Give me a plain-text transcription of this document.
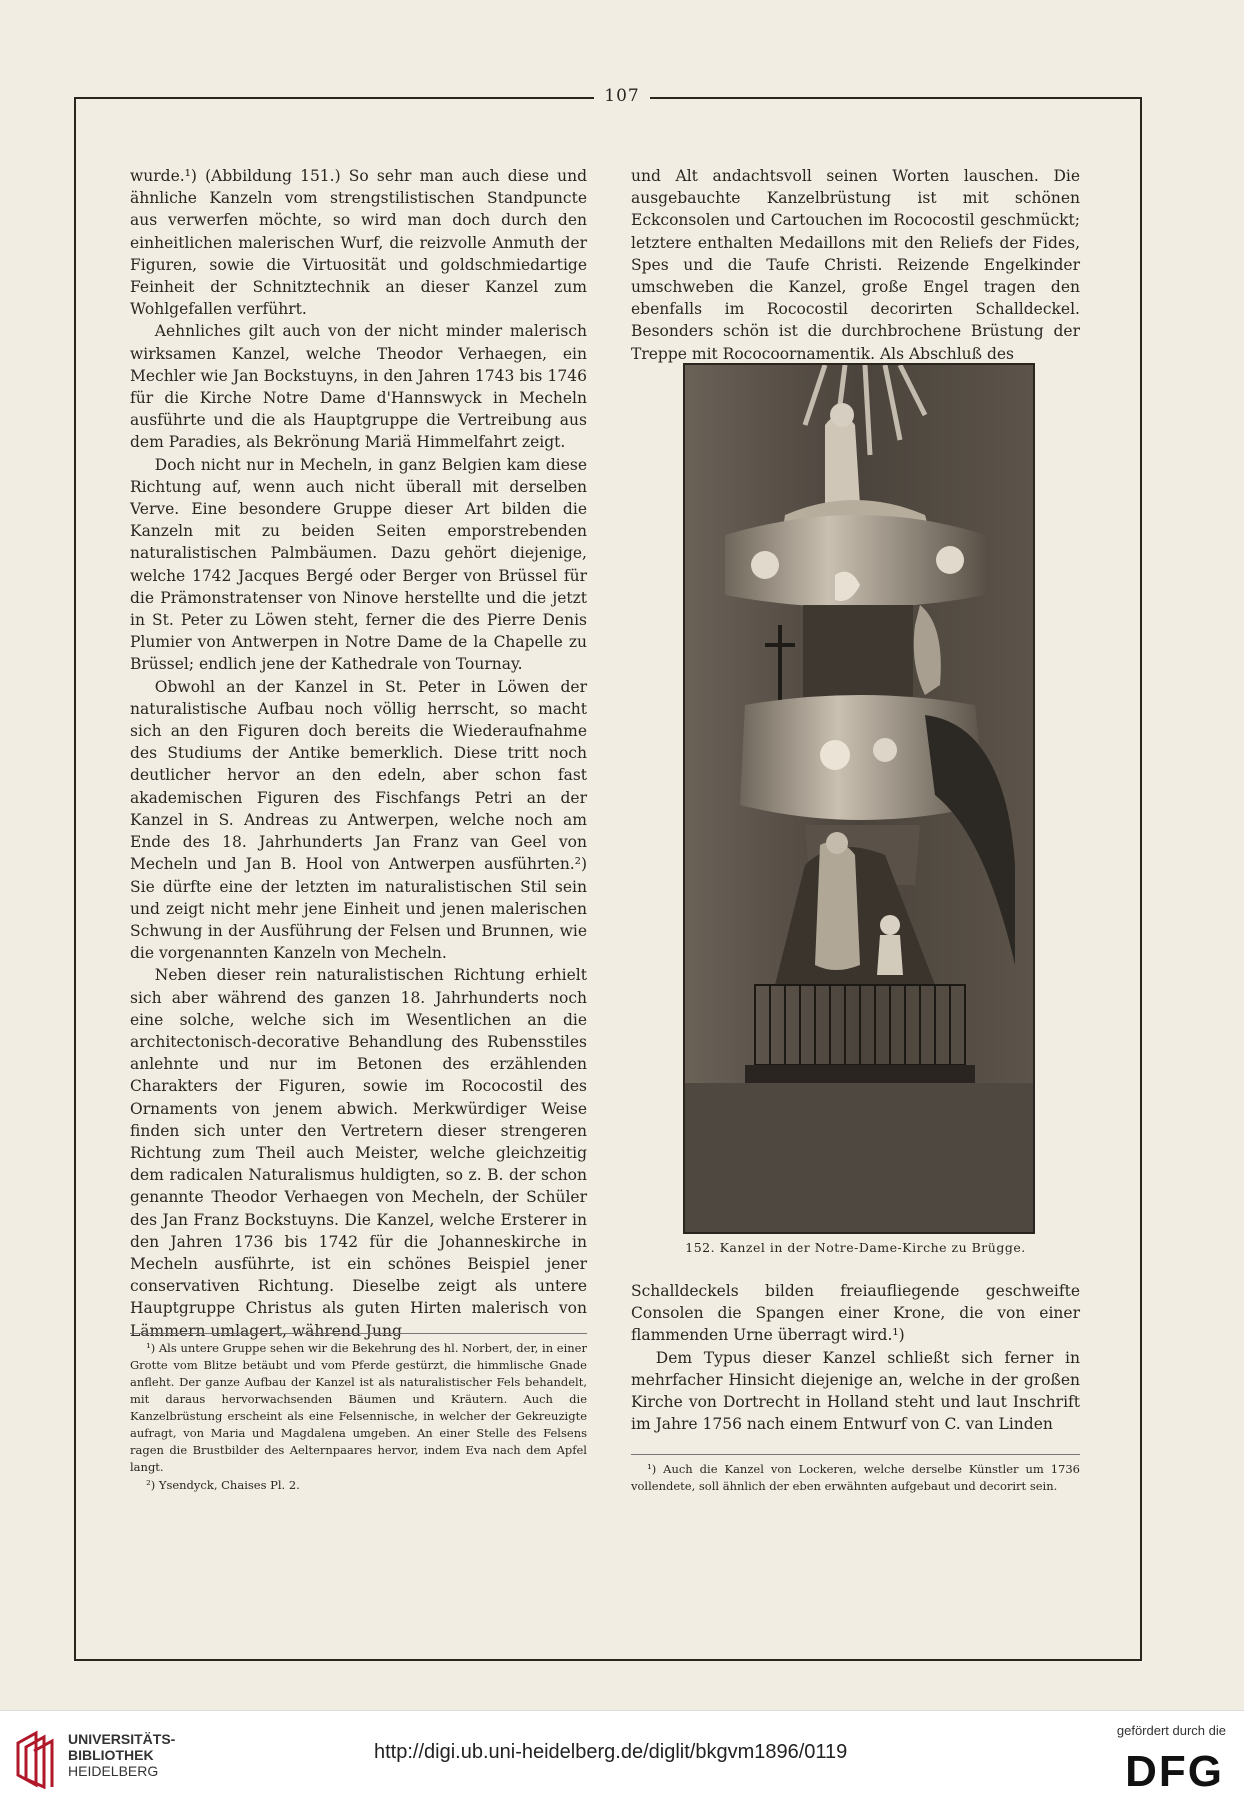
107

wurde.¹) (Abbildung 151.) So sehr man auch diese und ähnliche Kanzeln vom strengstilistischen Standpuncte aus verwerfen möchte, so wird man doch durch den einheitlichen malerischen Wurf, die reizvolle Anmuth der Figuren, sowie die Virtuosität und goldschmiedartige Feinheit der Schnitztechnik an dieser Kanzel zum Wohlgefallen verführt.

Aehnliches gilt auch von der nicht minder malerisch wirksamen Kanzel, welche Theodor Verhaegen, ein Mechler wie Jan Bockstuyns, in den Jahren 1743 bis 1746 für die Kirche Notre Dame d'Hannswyck in Mecheln ausführte und die als Hauptgruppe die Vertreibung aus dem Paradies, als Bekrönung Mariä Himmelfahrt zeigt.

Doch nicht nur in Mecheln, in ganz Belgien kam diese Richtung auf, wenn auch nicht überall mit derselben Verve. Eine besondere Gruppe dieser Art bilden die Kanzeln mit zu beiden Seiten emporstrebenden naturalistischen Palmbäumen. Dazu gehört diejenige, welche 1742 Jacques Bergé oder Berger von Brüssel für die Prämonstratenser von Ninove herstellte und die jetzt in St. Peter zu Löwen steht, ferner die des Pierre Denis Plumier von Antwerpen in Notre Dame de la Chapelle zu Brüssel; endlich jene der Kathedrale von Tournay.

Obwohl an der Kanzel in St. Peter in Löwen der naturalistische Aufbau noch völlig herrscht, so macht sich an den Figuren doch bereits die Wiederaufnahme des Studiums der Antike bemerklich. Diese tritt noch deutlicher hervor an den edeln, aber schon fast akademischen Figuren des Fischfangs Petri an der Kanzel in S. Andreas zu Antwerpen, welche noch am Ende des 18. Jahrhunderts Jan Franz van Geel von Mecheln und Jan B. Hool von Antwerpen ausführten.²) Sie dürfte eine der letzten im naturalistischen Stil sein und zeigt nicht mehr jene Einheit und jenen malerischen Schwung in der Ausführung der Felsen und Brunnen, wie die vorgenannten Kanzeln von Mecheln.

Neben dieser rein naturalistischen Richtung erhielt sich aber während des ganzen 18. Jahrhunderts noch eine solche, welche sich im Wesentlichen an die architectonisch-decorative Behandlung des Rubensstiles anlehnte und nur im Betonen des erzählenden Charakters der Figuren, sowie im Rococostil des Ornaments von jenem abwich. Merkwürdiger Weise finden sich unter den Vertretern dieser strengeren Richtung zum Theil auch Meister, welche gleichzeitig dem radicalen Naturalismus huldigten, so z. B. der schon genannte Theodor Verhaegen von Mecheln, der Schüler des Jan Franz Bockstuyns. Die Kanzel, welche Ersterer in den Jahren 1736 bis 1742 für die Johanneskirche in Mecheln ausführte, ist ein schönes Beispiel jener conservativen Richtung. Dieselbe zeigt als untere Hauptgruppe Christus als guten Hirten malerisch von Lämmern umlagert, während Jung

¹) Als untere Gruppe sehen wir die Bekehrung des hl. Norbert, der, in einer Grotte vom Blitze betäubt und vom Pferde gestürzt, die himmlische Gnade anfleht. Der ganze Aufbau der Kanzel ist als naturalistischer Fels behandelt, mit daraus hervorwachsenden Bäumen und Kräutern. Auch die Kanzelbrüstung erscheint als eine Felsennische, in welcher der Gekreuzigte aufragt, von Maria und Magdalena umgeben. An einer Stelle des Felsens ragen die Brustbilder des Aelternpaares hervor, indem Eva nach dem Apfel langt.

²) Ysendyck, Chaises Pl. 2.

und Alt andachtsvoll seinen Worten lauschen. Die ausgebauchte Kanzelbrüstung ist mit schönen Eckconsolen und Cartouchen im Rococostil geschmückt; letztere enthalten Medaillons mit den Reliefs der Fides, Spes und die Taufe Christi. Reizende Engelkinder umschweben die Kanzel, große Engel tragen den ebenfalls im Rococostil decorirten Schalldeckel. Besonders schön ist die durchbrochene Brüstung der Treppe mit Rococoornamentik. Als Abschluß des

152. Kanzel in der Notre-Dame-Kirche zu Brügge.

Schalldeckels bilden freiaufliegende geschweifte Consolen die Spangen einer Krone, die von einer flammenden Urne überragt wird.¹)

Dem Typus dieser Kanzel schließt sich ferner in mehrfacher Hinsicht diejenige an, welche in der großen Kirche von Dortrecht in Holland steht und laut Inschrift im Jahre 1756 nach einem Entwurf von C. van Linden

¹) Auch die Kanzel von Lockeren, welche derselbe Künstler um 1736 vollendete, soll ähnlich der eben erwähnten aufgebaut und decorirt sein.

UNIVERSITÄTS-
BIBLIOTHEK
HEIDELBERG
http://digi.ub.uni-heidelberg.de/diglit/bkgvm1896/0119
gefördert durch die
DFG
